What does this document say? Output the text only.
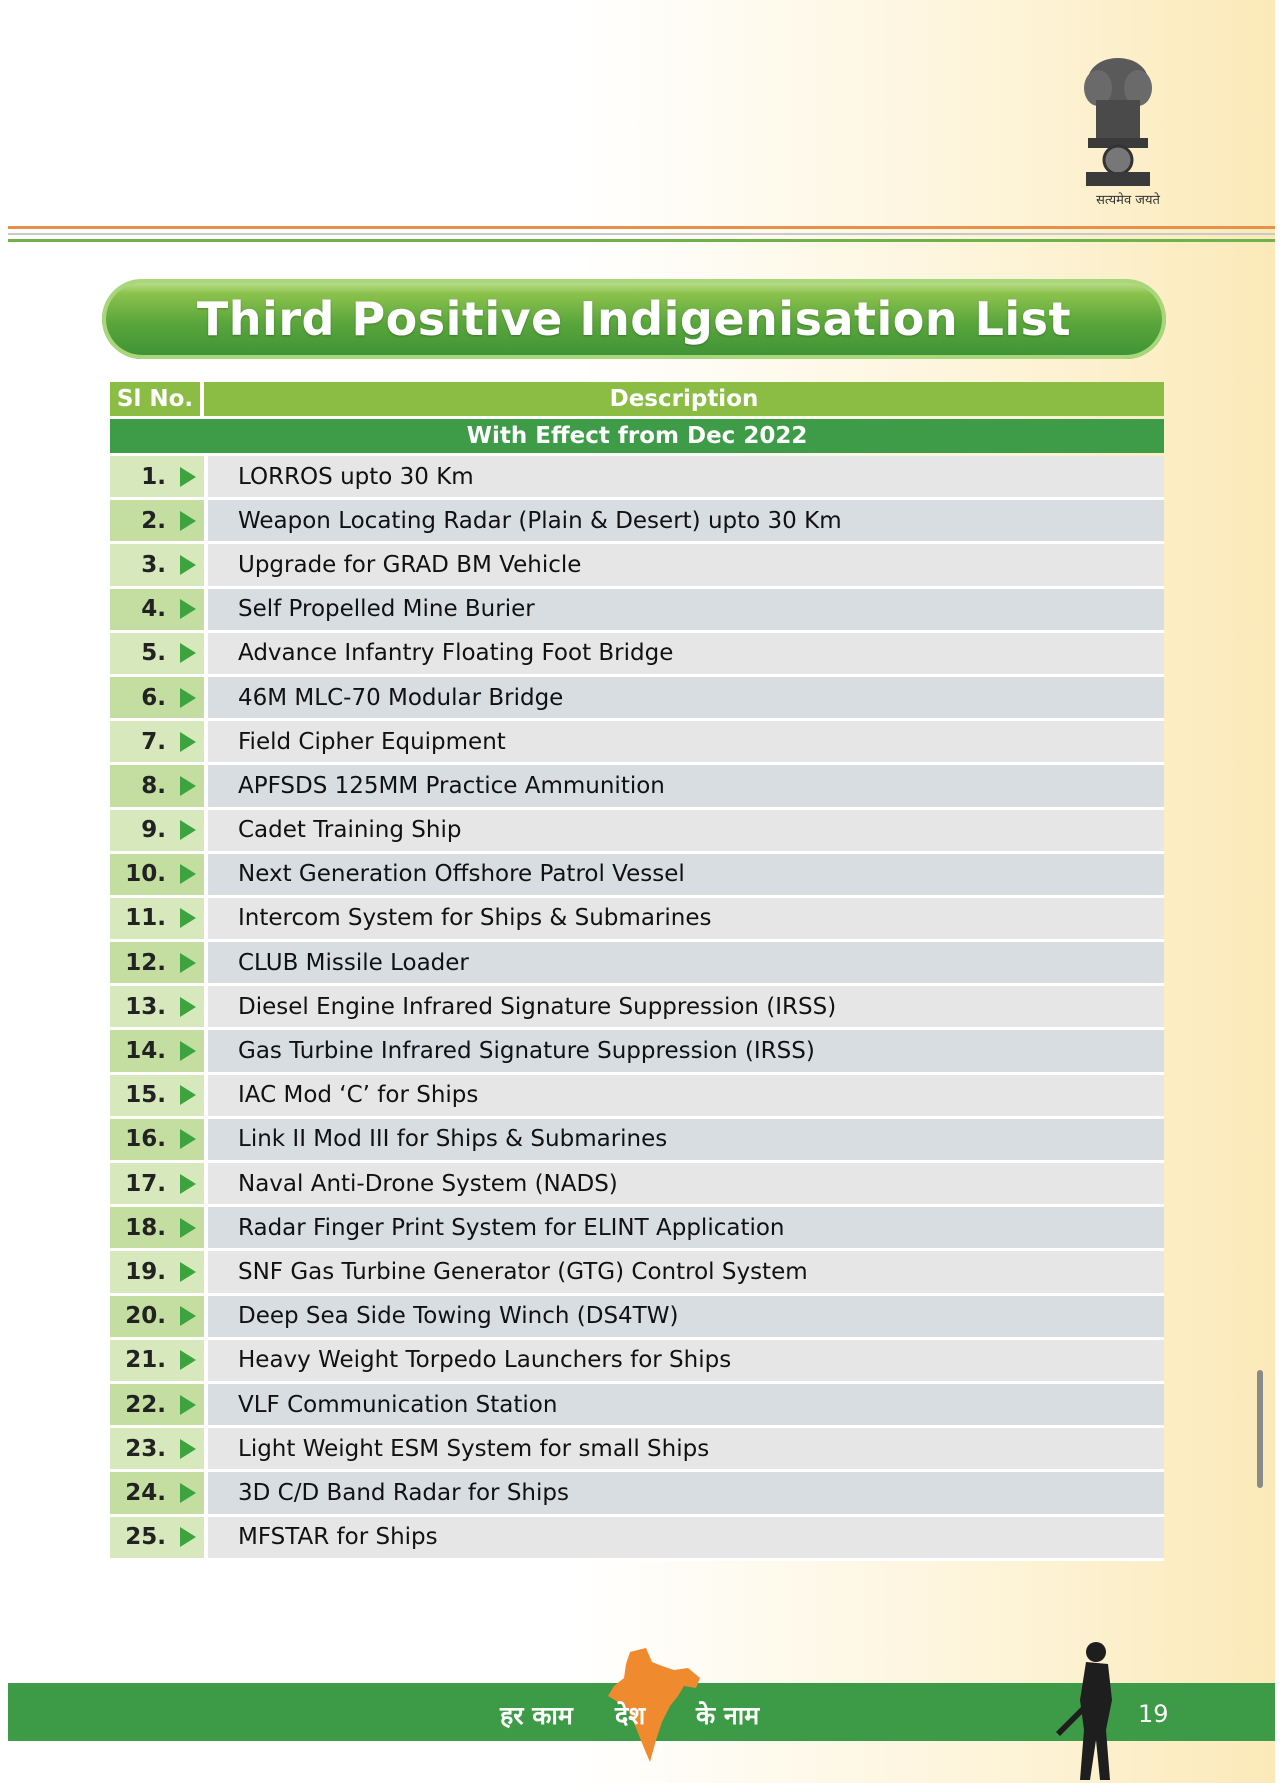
सत्यमेव जयते
Third Positive Indigenisation List
Sl No.	Description
With Effect from Dec 2022
1.	LORROS upto 30 Km
2.	Weapon Locating Radar (Plain & Desert) upto 30 Km
3.	Upgrade for GRAD BM Vehicle
4.	Self Propelled Mine Burier
5.	Advance Infantry Floating Foot Bridge
6.	46M MLC-70 Modular Bridge
7.	Field Cipher Equipment
8.	APFSDS 125MM Practice Ammunition
9.	Cadet Training Ship
10.	Next Generation Offshore Patrol Vessel
11.	Intercom System for Ships & Submarines
12.	CLUB Missile Loader
13.	Diesel Engine Infrared Signature Suppression (IRSS)
14.	Gas Turbine Infrared Signature Suppression (IRSS)
15.	IAC Mod ‘C’ for Ships
16.	Link II Mod III for Ships & Submarines
17.	Naval Anti-Drone System (NADS)
18.	Radar Finger Print System for ELINT Application
19.	SNF Gas Turbine Generator (GTG) Control System
20.	Deep Sea Side Towing Winch (DS4TW)
21.	Heavy Weight Torpedo Launchers for Ships
22.	VLF Communication Station
23.	Light Weight ESM System for small Ships
24.	3D C/D Band Radar for Ships
25.	MFSTAR for Ships
हर काम देश के नाम	19
